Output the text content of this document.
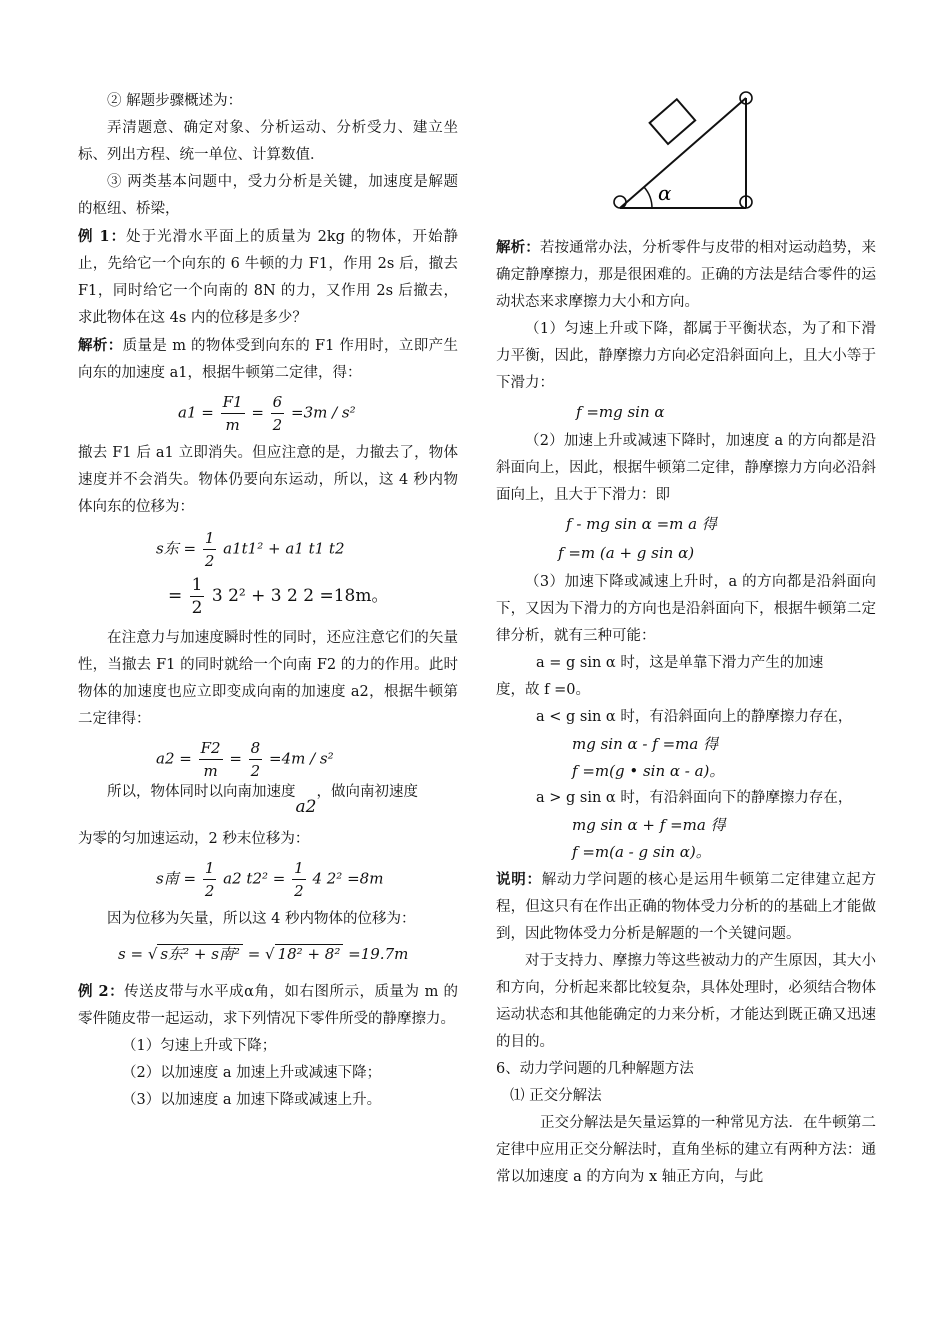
② 解题步骤概述为：

弄清题意、确定对象、分析运动、分析受力、建立坐标、列出方程、统一单位、计算数值．

③ 两类基本问题中，受力分析是关键，加速度是解题的枢纽、桥梁，

例 1：处于光滑水平面上的质量为 2kg 的物体，开始静止，先给它一个向东的 6 牛顿的力 F1，作用 2s 后，撤去 F1，同时给它一个向南的 8N 的力，又作用 2s 后撤去，求此物体在这 4s 内的位移是多少？

解析：质量是 m 的物体受到向东的 F1 作用时，立即产生向东的加速度 a1，根据牛顿第二定律，得：

$a1 = \frac{F1}{m} = \frac{6}{2} =3m / s^2$

撤去 F1 后 a1 立即消失。但应注意的是，力撤去了，物体速度并不会消失。物体仍要向东运动，所以，这 4 秒内物体向东的位移为：

s东 = $\frac{1}{2} a1t1^2 + a1$ t1 t2
= $\frac{1}{2} 3$ 2² + 3 2 2 =18m。

在注意力与加速度瞬时性的同时，还应注意它们的矢量性，当撤去 F1 的同时就给一个向南 F2 的力的作用。此时物体的加速度也应立即变成向南的加速度 a2，根据牛顿第二定律得：

$a2 = \frac{F2}{m} = \frac{8}{2} =4m / s^2$

所以，物体同时以向南加速度a2，做向南初速度

为零的匀加速运动，2 秒末位移为：

s南 = $\frac{1}{2} a2$ $t2^2 = \frac{1}{2} 4$ 2² =8m

因为位移为矢量，所以这 4 秒内物体的位移为：

s = √ s东² + s南² = √ 18² + 8² =19.7m

例 2：传送皮带与水平成α角，如右图所示，质量为 m 的零件随皮带一起运动，求下列情况下零件所受的静摩擦力。

（1）匀速上升或下降；

（2）以加速度 a 加速上升或减速下降；

（3）以加速度 a 加速下降或减速上升。

α

解析：若按通常办法，分析零件与皮带的相对运动趋势，来确定静摩擦力，那是很困难的。正确的方法是结合零件的运动状态来求摩擦力大小和方向。

（1）匀速上升或下降，都属于平衡状态，为了和下滑力平衡，因此，静摩擦力方向必定沿斜面向上，且大小等于下滑力：

f =mg sin α

（2）加速上升或减速下降时，加速度 a 的方向都是沿斜面向上，因此，根据牛顿第二定律，静摩擦力方向必沿斜面向上，且大于下滑力：即

f - mg sin α =m a 得
f =m (a + g sin α)

（3）加速下降或减速上升时，a 的方向都是沿斜面向下，又因为下滑力的方向也是沿斜面向下，根据牛顿第二定律分析，就有三种可能：

a = g sin α 时，这是单靠下滑力产生的加速

度，故 f =0。

a < g sin α 时，有沿斜面向上的静摩擦力存在，

mg sin α - f =ma 得
f =m(g • sin α - a)。

a > g sin α 时，有沿斜面向下的静摩擦力存在，

mg sin α + f =ma 得
f =m(a - g sin α)。

说明：解动力学问题的核心是运用牛顿第二定律建立起方程，但这只有在作出正确的物体受力分析的的基础上才能做到，因此物体受力分析是解题的一个关键问题。

对于支持力、摩擦力等这些被动力的产生原因，其大小和方向，分析起来都比较复杂，具体处理时，必须结合物体运动状态和其他能确定的力来分析，才能达到既正确又迅速的目的。

6、动力学问题的几种解题方法

⑴ 正交分解法

正交分解法是矢量运算的一种常见方法．在牛顿第二定律中应用正交分解法时，直角坐标的建立有两种方法：通常以加速度 a 的方向为 x 轴正方向，与此
